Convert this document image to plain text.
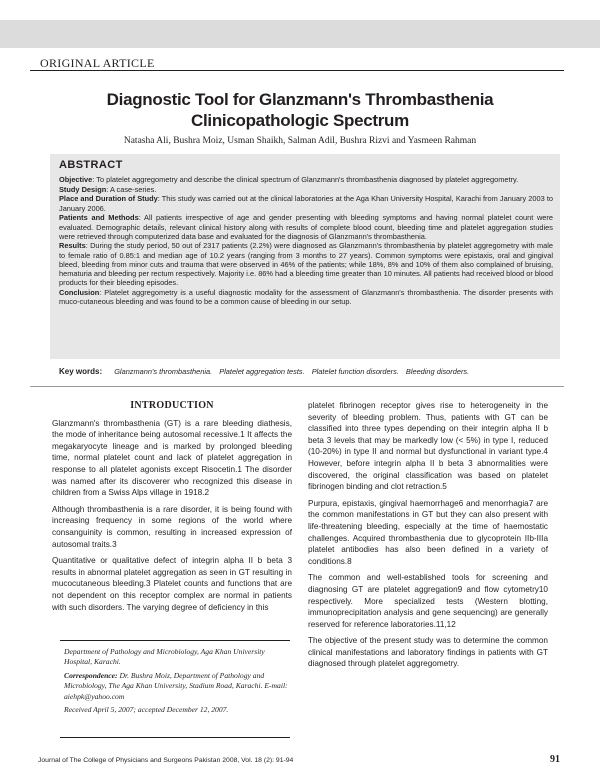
ORIGINAL ARTICLE
Diagnostic Tool for Glanzmann's Thrombasthenia
Clinicopathologic Spectrum
Natasha Ali, Bushra Moiz, Usman Shaikh, Salman Adil, Bushra Rizvi and Yasmeen Rahman
ABSTRACT

Objective: To platelet aggregometry and describe the clinical spectrum of Glanzmann's thrombasthenia diagnosed by platelet aggregometry.

Study Design: A case-series.

Place and Duration of Study: This study was carried out at the clinical laboratories at the Aga Khan University Hospital, Karachi from January 2003 to January 2006.

Patients and Methods: All patients irrespective of age and gender presenting with bleeding symptoms and having normal platelet count were evaluated. Demographic details, relevant clinical history along with results of complete blood count, bleeding time and platelet aggregation studies were retrieved through computerized data base and evaluated for the diagnosis of Glanzmann's thrombasthenia.

Results: During the study period, 50 out of 2317 patients (2.2%) were diagnosed as Glanzmann's thrombasthenia by platelet aggregometry with male to female ratio of 0.85:1 and median age of 10.2 years (ranging from 3 months to 27 years). Common symptoms were epistaxis, oral and gingival bleed, bleeding from minor cuts and trauma that were observed in 46% of the patients; while 18%, 8% and 10% of them also complained of bruising, hematuria and bleeding per rectum respectively. Majority i.e. 86% had a bleeding time greater than 10 minutes. All patients had received blood or blood products for their bleeding episodes.

Conclusion: Platelet aggregometry is a useful diagnostic modality for the assessment of Glanzmann's thrombasthenia. The disorder presents with muco-cutaneous bleeding and was found to be a common cause of bleeding in our setup.

Key words: Glanzmann's thrombasthenia. Platelet aggregation tests. Platelet function disorders. Bleeding disorders.
INTRODUCTION

Glanzmann's thrombasthenia (GT) is a rare bleeding diathesis, the mode of inheritance being autosomal recessive.1 It affects the megakaryocyte lineage and is marked by prolonged bleeding time, normal platelet count and lack of platelet aggregation in response to all platelet agonists except Risocetin.1 The disorder was named after its discoverer who recognized this disease in children from a Swiss Alps village in 1918.2

Although thrombasthenia is a rare disorder, it is being found with increasing frequency in some regions of the world where consanguinity is common, resulting in increased expression of autosomal traits.3

Quantitative or qualitative defect of integrin alpha II b beta 3 results in abnormal platelet aggregation as seen in GT resulting in mucocutaneous bleeding.3 Platelet counts and functions that are not dependent on this receptor complex are normal in patients with such disorders. The varying degree of deficiency in this

platelet fibrinogen receptor gives rise to heterogeneity in the severity of bleeding problem. Thus, patients with GT can be classified into three types depending on their integrin alpha II b beta 3 levels that may be markedly low (< 5%) in type I, reduced (10-20%) in type II and normal but dysfunctional in variant type.4 However, before integrin alpha II b beta 3 abnormalities were discovered, the original classification was based on platelet fibrinogen binding and clot retraction.5

Purpura, epistaxis, gingival haemorrhage6 and menorrhagia7 are the common manifestations in GT but they can also present with life-threatening bleeding, especially at the time of haemostatic challenges. Acquired thrombasthenia due to glycoprotein IIb-IIIa platelet antibodies has also been defined in a variety of conditions.8

The common and well-established tools for screening and diagnosing GT are platelet aggregation9 and flow cytometry10 respectively. More specialized tests (Western blotting, immunoprecipitation analysis and gene sequencing) are generally reserved for reference laboratories.11,12

The objective of the present study was to determine the common clinical manifestations and laboratory findings in patients with GT diagnosed through platelet aggregometry.

Department of Pathology and Microbiology, Aga Khan University Hospital, Karachi.

Correspondence: Dr. Bushra Moiz, Department of Pathology and Microbiology, The Aga Khan University, Stadium Road, Karachi. E-mail: aiehpk@yahoo.com

Received April 5, 2007; accepted December 12, 2007.

Journal of The College of Physicians and Surgeons Pakistan 2008, Vol. 18 (2): 91-94	91
